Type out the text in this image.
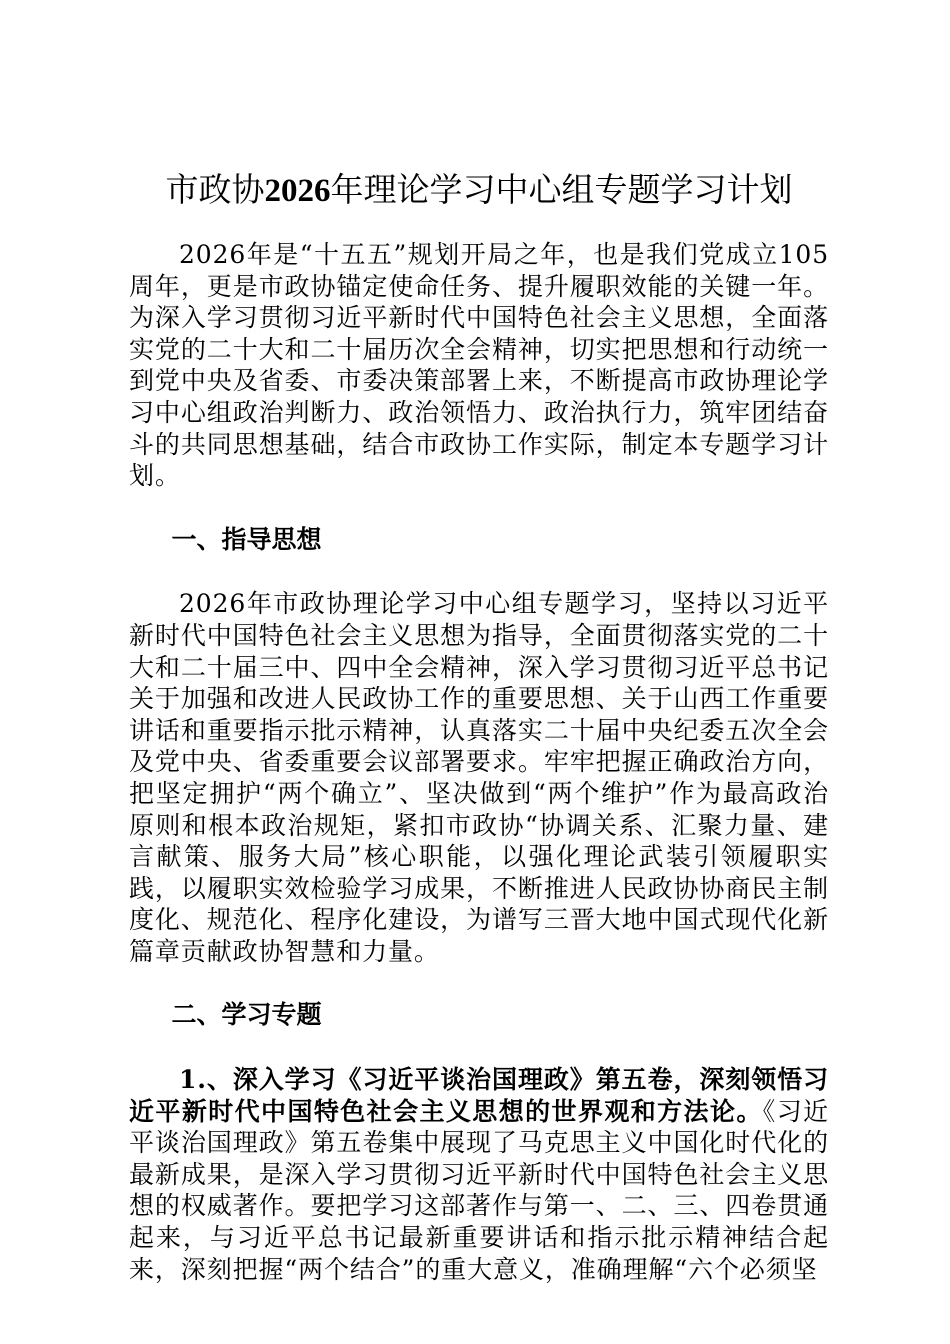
市政协2026年理论学习中心组专题学习计划

2026年是“十五五”规划开局之年，也是我们党成立105周年，更是市政协锚定使命任务、提升履职效能的关键一年。为深入学习贯彻习近平新时代中国特色社会主义思想，全面落实党的二十大和二十届历次全会精神，切实把思想和行动统一到党中央及省委、市委决策部署上来，不断提高市政协理论学习中心组政治判断力、政治领悟力、政治执行力，筑牢团结奋斗的共同思想基础，结合市政协工作实际，制定本专题学习计划。

一、指导思想

2026年市政协理论学习中心组专题学习，坚持以习近平新时代中国特色社会主义思想为指导，全面贯彻落实党的二十大和二十届三中、四中全会精神，深入学习贯彻习近平总书记关于加强和改进人民政协工作的重要思想、关于山西工作重要讲话和重要指示批示精神，认真落实二十届中央纪委五次全会及党中央、省委重要会议部署要求。牢牢把握正确政治方向，把坚定拥护“两个确立”、坚决做到“两个维护”作为最高政治原则和根本政治规矩，紧扣市政协“协调关系、汇聚力量、建言献策、服务大局”核心职能，以强化理论武装引领履职实践，以履职实效检验学习成果，不断推进人民政协协商民主制度化、规范化、程序化建设，为谱写三晋大地中国式现代化新篇章贡献政协智慧和力量。

二、学习专题

1.、深入学习《习近平谈治国理政》第五卷，深刻领悟习近平新时代中国特色社会主义思想的世界观和方法论。《习近平谈治国理政》第五卷集中展现了马克思主义中国化时代化的最新成果，是深入学习贯彻习近平新时代中国特色社会主义思想的权威著作。要把学习这部著作与第一、二、三、四卷贯通起来，与习近平总书记最新重要讲话和指示批示精神结合起来，深刻把握“两个结合”的重大意义，准确理解“六个必须坚
